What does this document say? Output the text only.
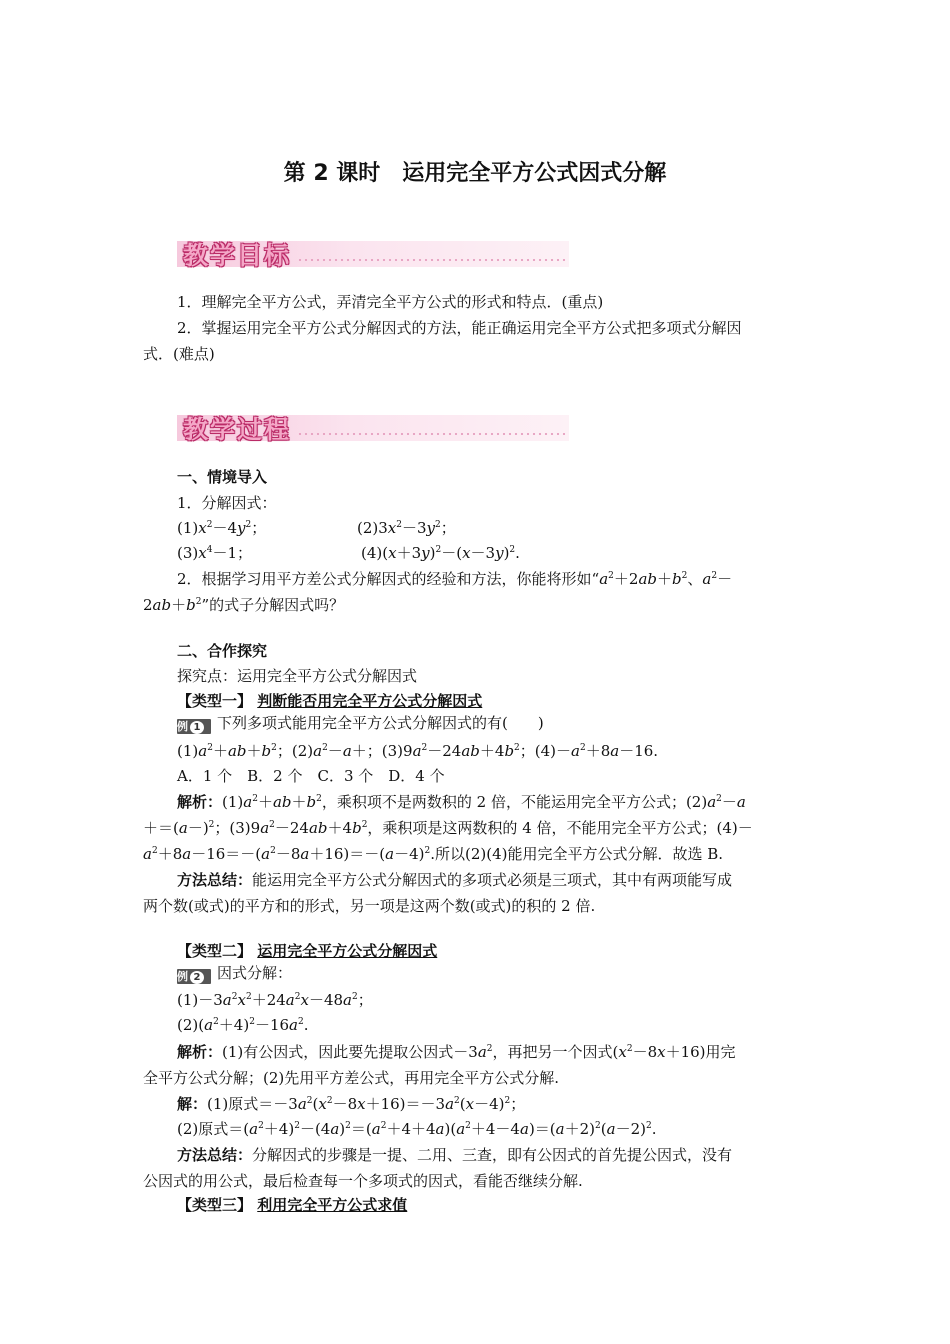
第 2 课时　运用完全平方公式因式分解
教学目标
1．理解完全平方公式，弄清完全平方公式的形式和特点．(重点)
2．掌握运用完全平方公式分解因式的方法，能正确运用完全平方公式把多项式分解因
式．(难点)
教学过程
一、情境导入
1．分解因式：
$(1)x^2-4y^2$；	$(2)3x^2-3y^2$；
$(3)x^4-1$；	$(4)(x+3y)^2-(x-3y)^2$.
2．根据学习用平方差公式分解因式的经验和方法，你能将形如“$a^2+2ab+b^2$、$a^2-$
$2ab+b^2$”的式子分解因式吗？
二、合作探究
探究点：运用完全平方公式分解因式
【类型一】 判断能否用完全平方公式分解因式
例 1 下列多项式能用完全平方公式分解因式的有(　　)
$(1)a^2+ab+b^2$；$(2)a^2-a+$；$(3)9a^2-24ab+4b^2$；$(4)-a^2+8a-16$.
A．1 个　B．2 个　C．3 个　D．4 个
解析：$(1)a^2+ab+b^2$，乘积项不是两数积的 2 倍，不能运用完全平方公式；$(2)a^2-a$
$+=(a-)^2$；$(3)9a^2-24ab+4b^2$，乘积项是这两数积的 4 倍，不能用完全平方公式；(4)－
$a^2+8a-16=-(a^2-8a+16)=-(a-4)^2$.所以(2)(4)能用完全平方公式分解．故选 B.
方法总结：能运用完全平方公式分解因式的多项式必须是三项式，其中有两项能写成
两个数(或式)的平方和的形式，另一项是这两个数(或式)的积的 2 倍.
【类型二】 运用完全平方公式分解因式
例 2 因式分解：
$(1)-3a^2x^2+24a^2x-48a^2$；
$(2)(a^2+4)^2-16a^2$.
解析：(1)有公因式，因此要先提取公因式$-3a^2$，再把另一个因式$(x^2-8x+16)$用完
全平方公式分解；(2)先用平方差公式，再用完全平方公式分解.
解：(1)原式$=-3a^2(x^2-8x+16)=-3a^2(x-4)^2$；
(2)原式$=(a^2+4)^2-(4a)^2=(a^2+4+4a)(a^2+4-4a)=(a+2)^2(a-2)^2$.
方法总结：分解因式的步骤是一提、二用、三查，即有公因式的首先提公因式，没有
公因式的用公式，最后检查每一个多项式的因式，看能否继续分解.
【类型三】 利用完全平方公式求值
